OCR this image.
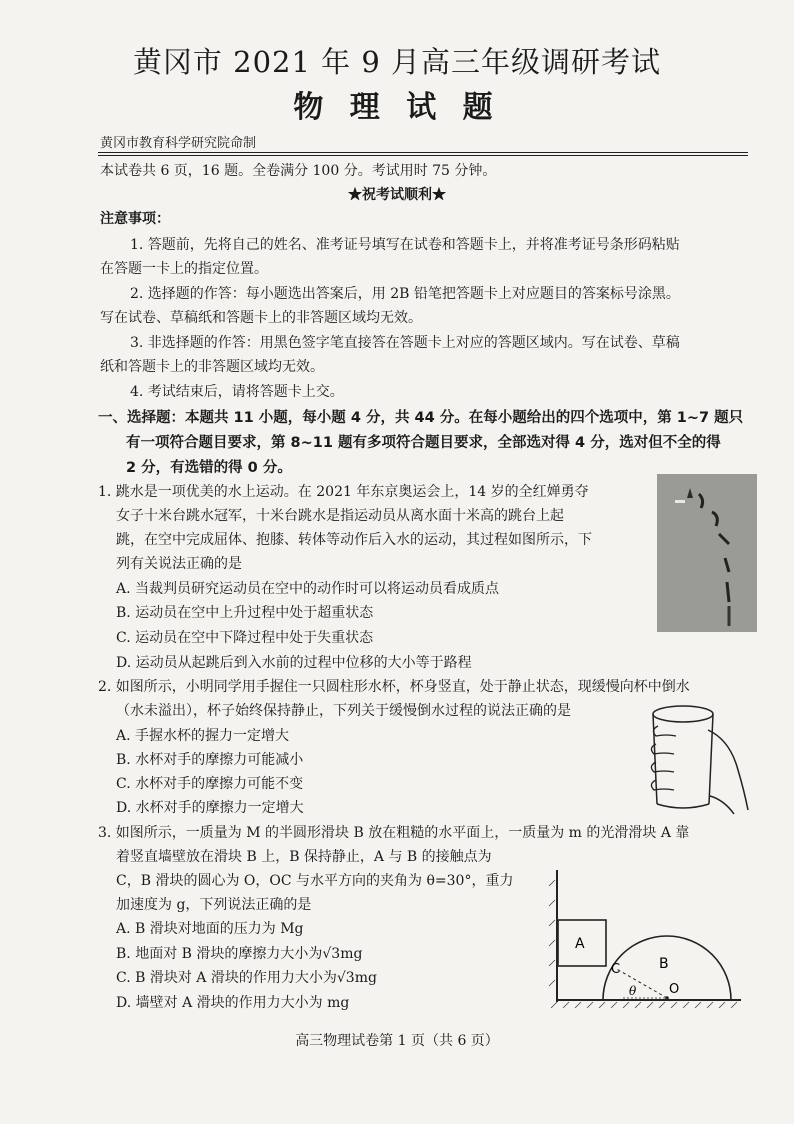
黄冈市 2021 年 9 月高三年级调研考试
物 理 试 题
黄冈市教育科学研究院命制
本试卷共 6 页，16 题。全卷满分 100 分。考试用时 75 分钟。
★祝考试顺利★
注意事项：
1. 答题前，先将自己的姓名、准考证号填写在试卷和答题卡上，并将准考证号条形码粘贴
在答题一卡上的指定位置。
2. 选择题的作答：每小题选出答案后，用 2B 铅笔把答题卡上对应题目的答案标号涂黑。
写在试卷、草稿纸和答题卡上的非答题区域均无效。
3. 非选择题的作答：用黑色签字笔直接答在答题卡上对应的答题区域内。写在试卷、草稿
纸和答题卡上的非答题区域均无效。
4. 考试结束后，请将答题卡上交。
一、选择题：本题共 11 小题，每小题 4 分，共 44 分。在每小题给出的四个选项中，第 1~7 题只
有一项符合题目要求，第 8~11 题有多项符合题目要求，全部选对得 4 分，选对但不全的得
2 分，有选错的得 0 分。
1. 跳水是一项优美的水上运动。在 2021 年东京奥运会上，14 岁的全红婵勇夺
女子十米台跳水冠军，十米台跳水是指运动员从离水面十米高的跳台上起
跳，在空中完成屈体、抱膝、转体等动作后入水的运动，其过程如图所示，下
列有关说法正确的是
A. 当裁判员研究运动员在空中的动作时可以将运动员看成质点
B. 运动员在空中上升过程中处于超重状态
C. 运动员在空中下降过程中处于失重状态
D. 运动员从起跳后到入水前的过程中位移的大小等于路程
2. 如图所示，小明同学用手握住一只圆柱形水杯，杯身竖直，处于静止状态，现缓慢向杯中倒水
（水未溢出），杯子始终保持静止，下列关于缓慢倒水过程的说法正确的是
A. 手握水杯的握力一定增大
B. 水杯对手的摩擦力可能减小
C. 水杯对手的摩擦力可能不变
D. 水杯对手的摩擦力一定增大
3. 如图所示，一质量为 M 的半圆形滑块 B 放在粗糙的水平面上，一质量为 m 的光滑滑块 A 靠
着竖直墙壁放在滑块 B 上，B 保持静止，A 与 B 的接触点为
C，B 滑块的圆心为 O，OC 与水平方向的夹角为 θ=30°，重力
加速度为 g，下列说法正确的是
A. B 滑块对地面的压力为 Mg
B. 地面对 B 滑块的摩擦力大小为√3mg
C. B 滑块对 A 滑块的作用力大小为√3mg
D. 墙壁对 A 滑块的作用力大小为 mg
A
B
C
O
θ
高三物理试卷第 1 页（共 6 页）
